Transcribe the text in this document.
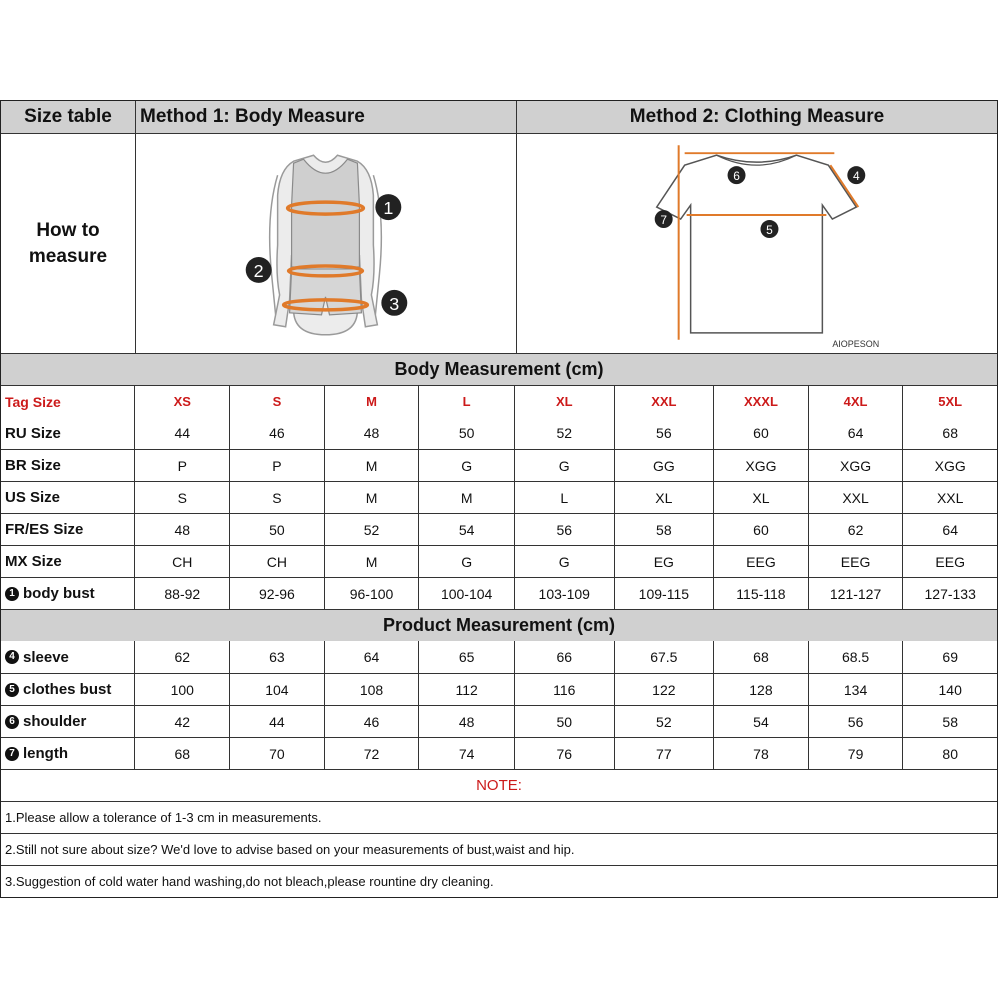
Size table	Method 1: Body Measure	Method 2: Clothing Measure
How to
measure
1
2
3
6	4
7
5
AIOPESON
Body Measurement (cm)
Tag Size	XS	S	M	L	XL	XXL	XXXL	4XL	5XL
RU Size	44	46	48	50	52	56	60	64	68
BR Size	P	P	M	G	G	GG	XGG	XGG	XGG
US Size	S	S	M	M	L	XL	XL	XXL	XXL
FR/ES Size	48	50	52	54	56	58	60	62	64
MX Size	CH	CH	M	G	G	EG	EEG	EEG	EEG
1 body bust	88-92	92-96	96-100	100-104	103-109	109-115	115-118	121-127	127-133
Product Measurement (cm)
4 sleeve	62	63	64	65	66	67.5	68	68.5	69
5 clothes bust	100	104	108	112	116	122	128	134	140
6 shoulder	42	44	46	48	50	52	54	56	58
7 length	68	70	72	74	76	77	78	79	80
NOTE:
1.Please allow a tolerance of 1-3 cm in measurements.
2.Still not sure about size? We'd love to advise based on your measurements of bust,waist and hip.
3.Suggestion of cold water hand washing,do not bleach,please rountine dry cleaning.
